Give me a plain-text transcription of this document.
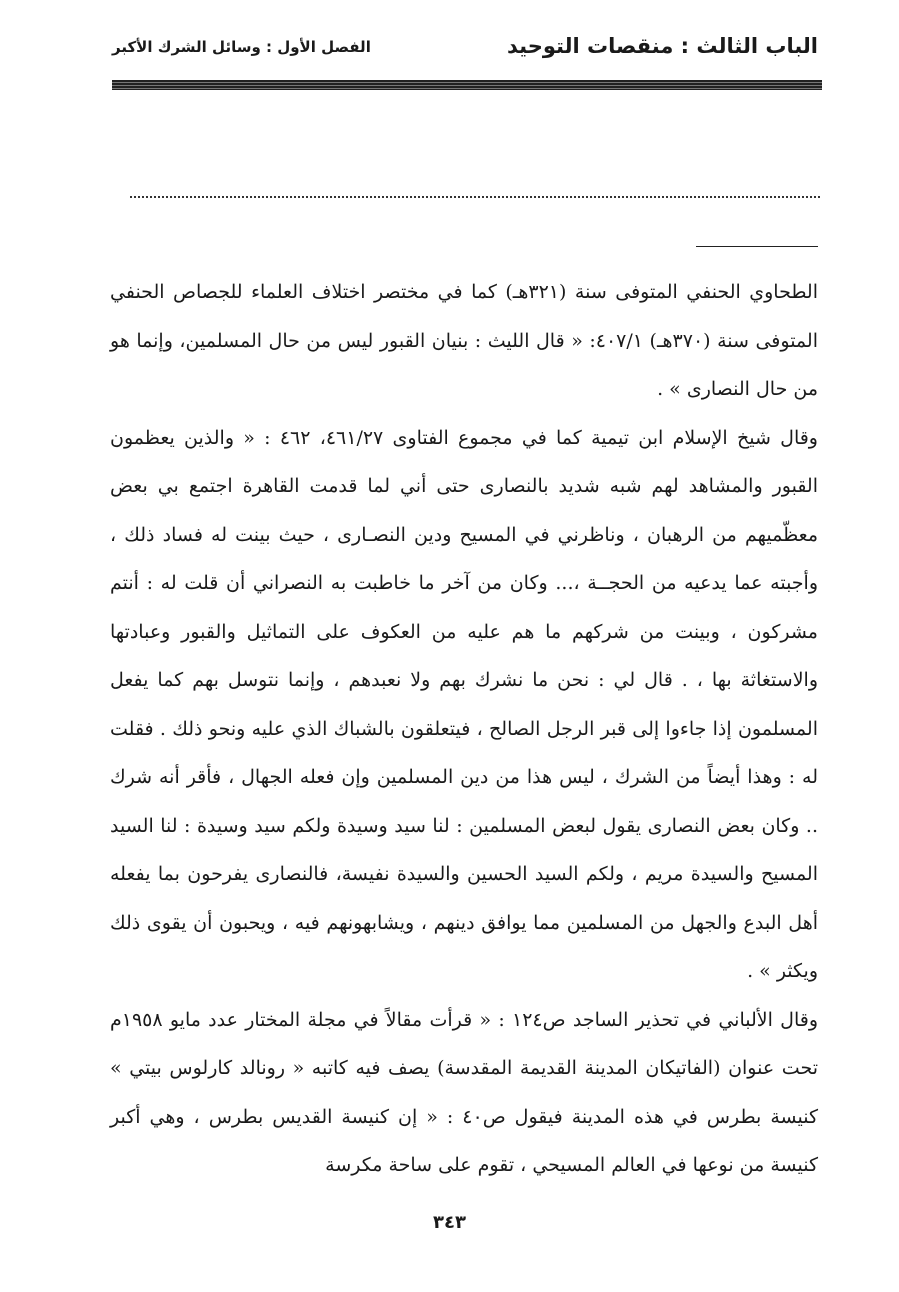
الباب الثالث : منقصات التوحيد
الفصل الأول : وسائل الشرك الأكبر

الطحاوي الحنفي المتوفى سنة (٣٢١هـ) كما في مختصر اختلاف العلماء للجصاص الحنفي المتوفى سنة (٣٧٠هـ) ٤٠٧/١: « قال الليث : بنيان القبور ليس من حال المسلمين، وإنما هو من حال النصارى » .

وقال شيخ الإسلام ابن تيمية كما في مجموع الفتاوى ٤٦١/٢٧، ٤٦٢ : « والذين يعظمون القبور والمشاهد لهم شبه شديد بالنصارى حتى أني لما قدمت القاهرة اجتمع بي بعض معظّميهم من الرهبان ، وناظرني في المسيح ودين النصـارى ، حيث بينت له فساد ذلك ، وأجبته عما يدعيه من الحجــة ،... وكان من آخر ما خاطبت به النصراني أن قلت له : أنتم مشركون ، وبينت من شركهم ما هم عليه من العكوف على التماثيل والقبور وعبادتها والاستغاثة بها ، . قال لي : نحن ما نشرك بهم ولا نعبدهم ، وإنما نتوسل بهم كما يفعل المسلمون إذا جاءوا إلى قبر الرجل الصالح ، فيتعلقون بالشباك الذي عليه ونحو ذلك . فقلت له : وهذا أيضاً من الشرك ، ليس هذا من دين المسلمين وإن فعله الجهال ، فأقر أنه شرك .. وكان بعض النصارى يقول لبعض المسلمين : لنا سيد وسيدة ولكم سيد وسيدة : لنا السيد المسيح والسيدة مريم ، ولكم السيد الحسين والسيدة نفيسة، فالنصارى يفرحون بما يفعله أهل البدع والجهل من المسلمين مما يوافق دينهم ، ويشابهونهم فيه ، ويحبون أن يقوى ذلك ويكثر » .

وقال الألباني في تحذير الساجد ص١٢٤ : « قرأت مقالاً في مجلة المختار عدد مايو ١٩٥٨م تحت عنوان (الفاتيكان المدينة القديمة المقدسة) يصف فيه كاتبه « رونالد كارلوس بيتي » كنيسة بطرس في هذه المدينة فيقول ص٤٠ : « إن كنيسة القديس بطرس ، وهي أكبر كنيسة من نوعها في العالم المسيحي ، تقوم على ساحة مكرسة

٣٤٣
